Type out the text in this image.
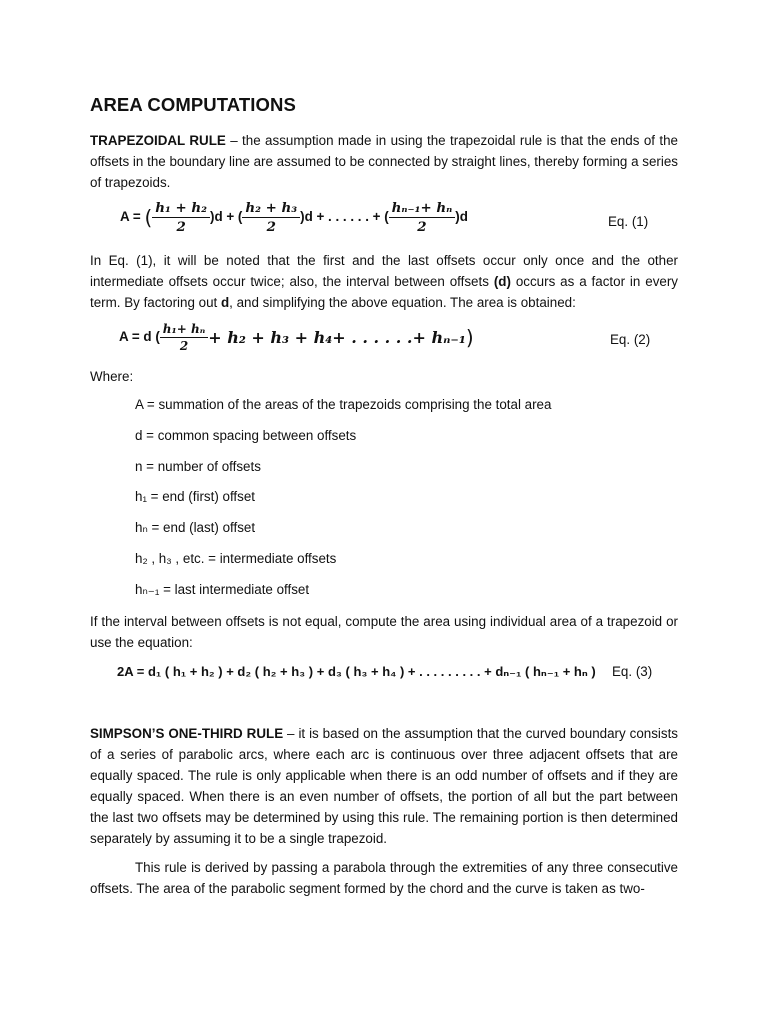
AREA COMPUTATIONS

TRAPEZOIDAL RULE – the assumption made in using the trapezoidal rule is that the ends of the offsets in the boundary line are assumed to be connected by straight lines, thereby forming a series of trapezoids.

A = ( $\frac{\text{h₁ + h₂}}{2} )d$ + ( $\frac{\text{h₂ + h₃}}{2} )d$ + . . . . . . + ( $\frac{\text{hₙ₋₁+ hₙ}}{2} )d$	Eq. (1)

In Eq. (1), it will be noted that the first and the last offsets occur only once and the other intermediate offsets occur twice; also, the interval between offsets (d) occurs as a factor in every term. By factoring out d, and simplifying the above equation. The area is obtained:

A = d ( $\frac{\text{h₁+ hₙ}}{2} + h_2 + h_3 + h_4+$ . . . . . .+ hₙ₋₁)	Eq. (2)

Where:

A = summation of the areas of the trapezoids comprising the total area

d = common spacing between offsets

n = number of offsets

h₁ = end (first) offset

hₙ = end (last) offset

h₂ , h₃ , etc. = intermediate offsets

hₙ₋₁ = last intermediate offset

If the interval between offsets is not equal, compute the area using individual area of a trapezoid or use the equation:

2A = d₁ ( h₁ + h₂ ) + d₂ ( h₂ + h₃ ) + d₃ ( h₃ + h₄ ) + . . . . . . . . . + dₙ₋₁ ( hₙ₋₁ + hₙ ) Eq. (3)

SIMPSON’S ONE-THIRD RULE – it is based on the assumption that the curved boundary consists of a series of parabolic arcs, where each arc is continuous over three adjacent offsets that are equally spaced. The rule is only applicable when there is an odd number of offsets and if they are equally spaced. When there is an even number of offsets, the portion of all but the part between the last two offsets may be determined by using this rule. The remaining portion is then determined separately by assuming it to be a single trapezoid.

This rule is derived by passing a parabola through the extremities of any three consecutive offsets. The area of the parabolic segment formed by the chord and the curve is taken as two-
